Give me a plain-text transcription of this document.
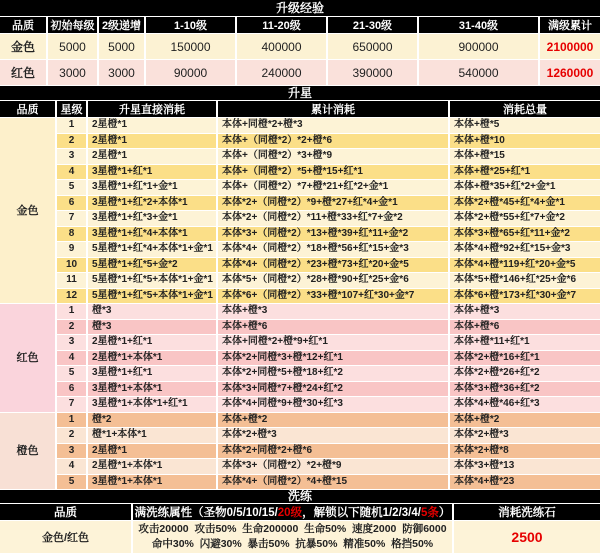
升级经验							
品质	初始每级	2级递增	1-10级	11-20级	21-30级	31-40级	满级累计
金色	5000	5000	150000	400000	650000	900000	2100000
红色	3000	3000	90000	240000	390000	540000	1260000
升星				
品质	星级	升星直接消耗	累计消耗	消耗总量
金色	1	2星橙*1	本体+同橙*2+橙*3	本体+橙*5
	2	2星橙*1	本体+（同橙*2）*2+橙*6	本体+橙*10
	3	2星橙*1	本体+（同橙*2）*3+橙*9	本体+橙*15
	4	3星橙*1+红*1	本体+（同橙*2）*5+橙*15+红*1	本体+橙*25+红*1
	5	3星橙*1+红*1+金*1	本体+（同橙*2）*7+橙*21+红*2+金*1	本体+橙*35+红*2+金*1
	6	3星橙*1+红*2+本体*1	本体*2+（同橙*2）*9+橙*27+红*4+金*1	本体*2+橙*45+红*4+金*1
	7	3星橙*1+红*3+金*1	本体*2+（同橙*2）*11+橙*33+红*7+金*2	本体*2+橙*55+红*7+金*2
	8	3星橙*1+红*4+本体*1	本体*3+（同橙*2）*13+橙*39+红*11+金*2	本体*3+橙*65+红*11+金*2
	9	5星橙*1+红*4+本体*1+金*1	本体*4+（同橙*2）*18+橙*56+红*15+金*3	本体*4+橙*92+红*15+金*3
	10	5星橙*1+红*5+金*2	本体*4+（同橙*2）*23+橙*73+红*20+金*5	本体*4+橙*119+红*20+金*5
	11	5星橙*1+红*5+本体*1+金*1	本体*5+（同橙*2）*28+橙*90+红*25+金*6	本体*5+橙*146+红*25+金*6
	12	5星橙*1+红*5+本体*1+金*1	本体*6+（同橙*2）*33+橙*107+红*30+金*7	本体*6+橙*173+红*30+金*7
红色	1	橙*3	本体+橙*3	本体+橙*3
	2	橙*3	本体+橙*6	本体+橙*6
	3	2星橙*1+红*1	本体+同橙*2+橙*9+红*1	本体+橙*11+红*1
	4	2星橙*1+本体*1	本体*2+同橙*3+橙*12+红*1	本体*2+橙*16+红*1
	5	3星橙*1+红*1	本体*2+同橙*5+橙*18+红*2	本体*2+橙*26+红*2
	6	3星橙*1+本体*1	本体*3+同橙*7+橙*24+红*2	本体*3+橙*36+红*2
	7	3星橙*1+本体*1+红*1	本体*4+同橙*9+橙*30+红*3	本体*4+橙*46+红*3
橙色	1	橙*2	本体+橙*2	本体+橙*2
	2	橙*1+本体*1	本体*2+橙*3	本体*2+橙*3
	3	2星橙*1	本体*2+同橙*2+橙*6	本体*2+橙*8
	4	2星橙*1+本体*1	本体*3+（同橙*2）*2+橙*9	本体*3+橙*13
	5	3星橙*1+本体*1	本体*4+（同橙*2）*4+橙*15	本体*4+橙*23
洗练		
品质	满洗练属性（圣物0/5/10/15/20级，解锁以下随机1/2/3/4/5条）	消耗洗练石
金色/红色	攻击20000  攻击50%  生命200000  生命50%  速度2000  防御6000
命中30%  闪避30%  暴击50%  抗暴50%  精准50%  格挡50%	2500
